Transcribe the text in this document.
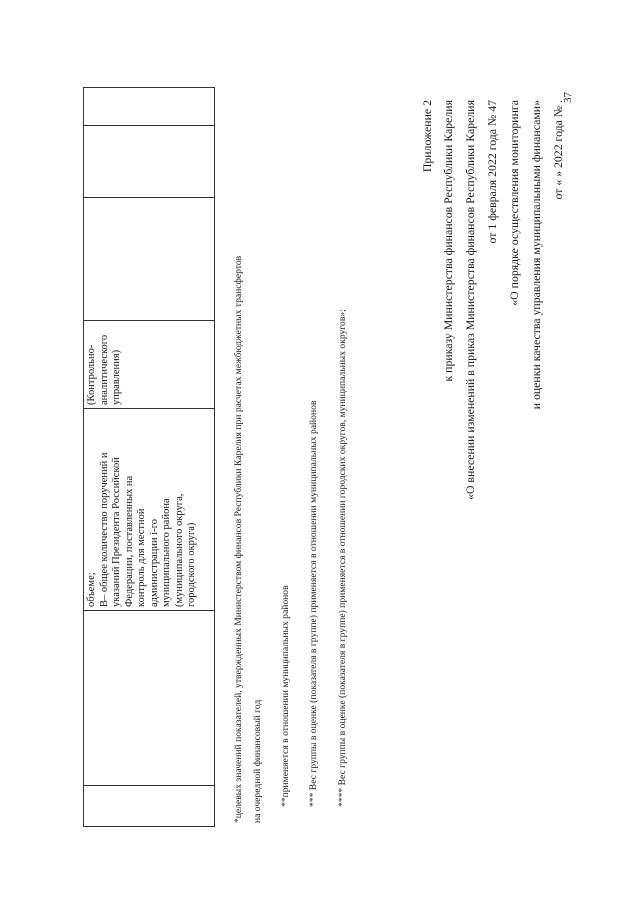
объеме;
B– общее количество поручений и
указаний Президента Российской
Федерации, поставленных на
контроль для местной
администрации i-го
муниципального района
(муниципального округа,
городского округа)
(Контрольно-
аналитического
управления)	*целевых значений показателей, утвержденных Министерством финансов Республики Карелия при расчетах межбюджетных трансфертов на очередной финансовый год **применяется в отношении муниципальных районов *** Вес группы в оценке (показателя в группе) применяется в отношении муниципальных районов **** Вес группы в оценке (показателя в группе) применяется в отношении городских округов, муниципальных округов»;
Приложение 2 к приказу Министерства финансов Республики Карелия «О внесении изменений в приказ Министерства финансов Республики Карелия от 1 февраля 2022 года № 47 «О порядке осуществления мониторинга и оценки качества управления муниципальными финансами» от « » 2022 года № .
37
